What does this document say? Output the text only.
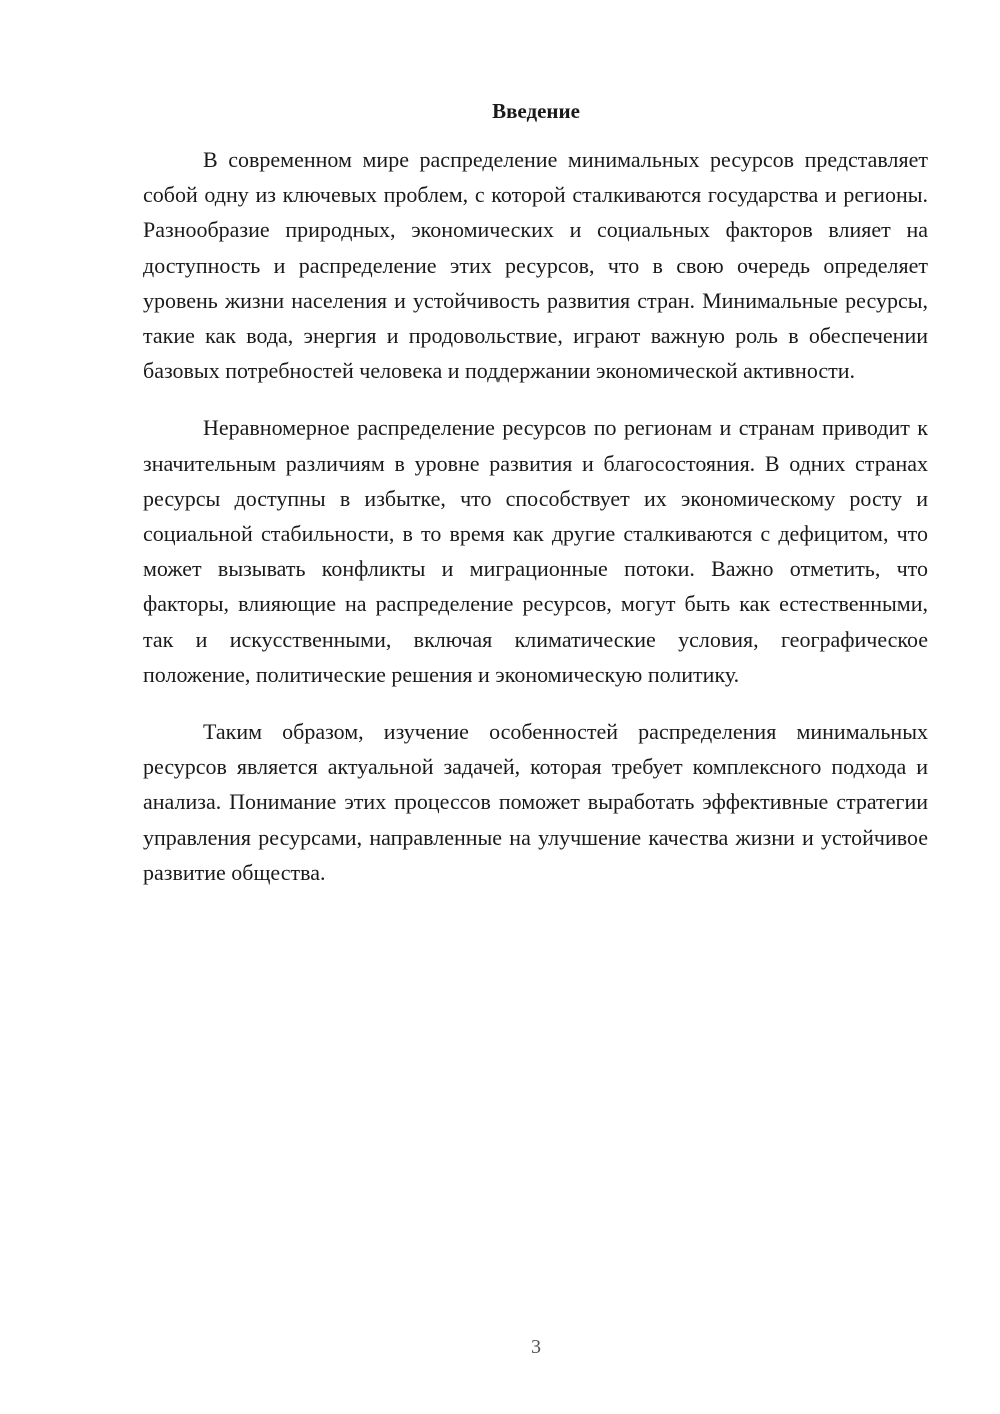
Введение

В современном мире распределение минимальных ресурсов представляет собой одну из ключевых проблем, с которой сталкиваются государства и регионы. Разнообразие природных, экономических и социальных факторов влияет на доступность и распределение этих ресурсов, что в свою очередь определяет уровень жизни населения и устойчивость развития стран. Минимальные ресурсы, такие как вода, энергия и продовольствие, играют важную роль в обеспечении базовых потребностей человека и поддержании экономической активности.

Неравномерное распределение ресурсов по регионам и странам приводит к значительным различиям в уровне развития и благосостояния. В одних странах ресурсы доступны в избытке, что способствует их экономическому росту и социальной стабильности, в то время как другие сталкиваются с дефицитом, что может вызывать конфликты и миграционные потоки. Важно отметить, что факторы, влияющие на распределение ресурсов, могут быть как естественными, так и искусственными, включая климатические условия, географическое положение, политические решения и экономическую политику.

Таким образом, изучение особенностей распределения минимальных ресурсов является актуальной задачей, которая требует комплексного подхода и анализа. Понимание этих процессов поможет выработать эффективные стратегии управления ресурсами, направленные на улучшение качества жизни и устойчивое развитие общества.

3
